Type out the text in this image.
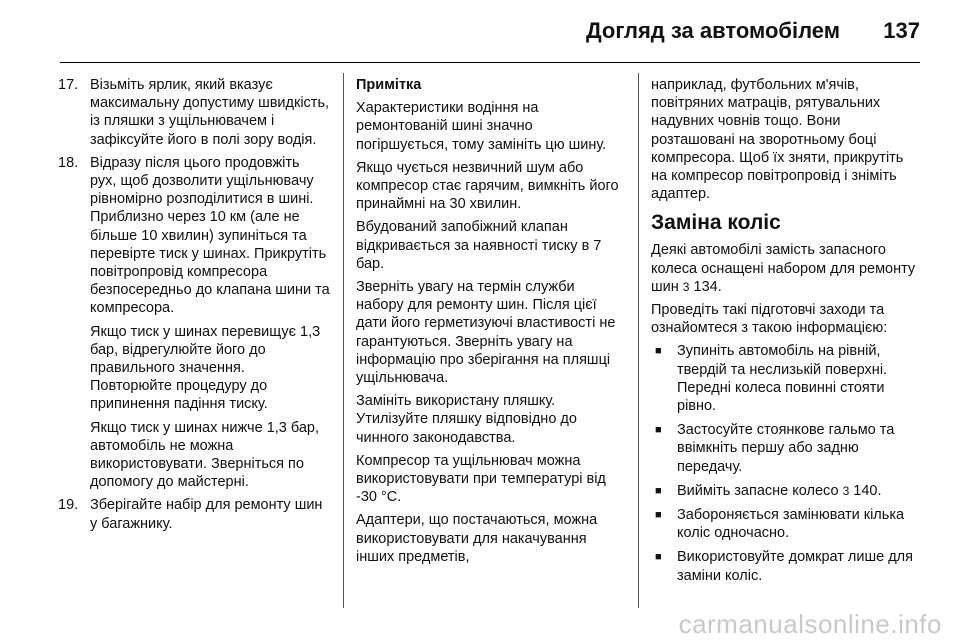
Догляд за автомобілем 137
17. Візьміть ярлик, який вказує максимальну допустиму швидкість, із пляшки з ущільнювачем і зафіксуйте його в полі зору водія.

18. Відразу після цього продовжіть рух, щоб дозволити ущільнювачу рівномірно розподілитися в шині. Приблизно через 10 км (але не більше 10 хвилин) зупиніться та перевірте тиск у шинах. Прикрутіть повітропровід компресора безпосередньо до клапана шини та компресора.

Якщо тиск у шинах перевищує 1,3 бар, відрегулюйте його до правильного значення. Повторюйте процедуру до припинення падіння тиску.

Якщо тиск у шинах нижче 1,3 бар, автомобіль не можна використовувати. Зверніться по допомогу до майстерні.

19. Зберігайте набір для ремонту шин у багажнику.

Примітка

Характеристики водіння на ремонтованій шині значно погіршується, тому замініть цю шину.

Якщо чується незвичний шум або компресор стає гарячим, вимкніть його принаймні на 30 хвилин.

Вбудований запобіжний клапан відкривається за наявності тиску в 7 бар.

Зверніть увагу на термін служби набору для ремонту шин. Після цієї дати його герметизуючі властивості не гарантуються. Зверніть увагу на інформацію про зберігання на пляшці ущільнювача.

Замініть використану пляшку. Утилізуйте пляшку відповідно до чинного законодавства.

Компресор та ущільнювач можна використовувати при температурі від -30 °C.

Адаптери, що постачаються, можна використовувати для накачування інших предметів,

наприклад, футбольних м'ячів, повітряних матраців, рятувальних надувних човнів тощо. Вони розташовані на зворотньому боці компресора. Щоб їх зняти, прикрутіть на компресор повітропровід і зніміть адаптер.

Заміна коліс

Деякі автомобілі замість запасного колеса оснащені набором для ремонту шин 3 134.

Проведіть такі підготовчі заходи та ознайомтеся з такою інформацією:

■	Зупиніть автомобіль на рівній, твердій та неслизькій поверхні. Передні колеса повинні стояти рівно.
■	Застосуйте стоянкове гальмо та ввімкніть першу або задню передачу.
■	Вийміть запасне колесо 3 140.
■	Забороняється замінювати кілька коліс одночасно.
■	Використовуйте домкрат лише для заміни коліс.
carmanualsonline.info
